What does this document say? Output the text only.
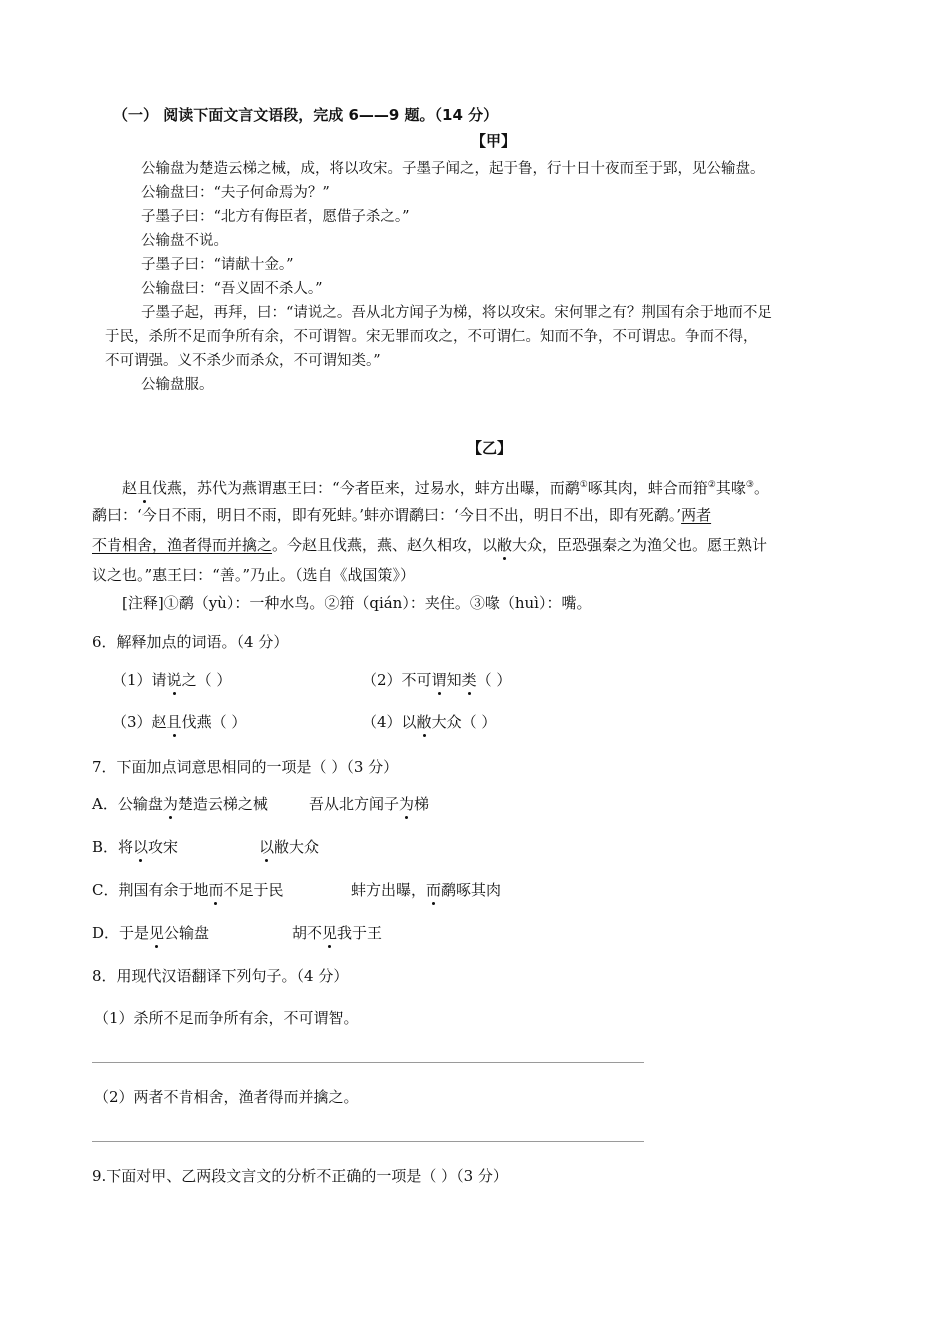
（一） 阅读下面文言文语段，完成 6——9 题。（14 分）
【甲】
公输盘为楚造云梯之械，成，将以攻宋。子墨子闻之，起于鲁，行十日十夜而至于郢，见公输盘。
公输盘曰：“夫子何命焉为？”
子墨子曰：“北方有侮臣者，愿借子杀之。”
公输盘不说。
子墨子曰：“请献十金。”
公输盘曰：“吾义固不杀人。”
子墨子起，再拜，曰：“请说之。吾从北方闻子为梯，将以攻宋。宋何罪之有？荆国有余于地而不足
于民，杀所不足而争所有余，不可谓智。宋无罪而攻之，不可谓仁。知而不争，不可谓忠。争而不得，
不可谓强。义不杀少而杀众，不可谓知类。”
公输盘服。
【乙】
赵且伐燕，苏代为燕谓惠王曰：“今者臣来，过易水，蚌方出曝，而鹬①啄其肉，蚌合而箝②其喙③。
鹬曰：‘今日不雨，明日不雨，即有死蚌。’蚌亦谓鹬曰：‘今日不出，明日不出，即有死鹬。’两者
不肯相舍，渔者得而并擒之。今赵且伐燕，燕、赵久相攻，以敝大众，臣恐强秦之为渔父也。愿王熟计
议之也。”惠王曰：“善。”乃止。（选自《战国策》）
[注释]①鹬（yù）：一种水鸟。②箝（qián）：夹住。③喙（huì）：嘴。
6．解释加点的词语。（4 分）
（1）请说之（ ）	（2）不可谓知类（ ）
（3）赵且伐燕（ ）	（4）以敝大众（ ）
7．下面加点词意思相同的一项是（ ）（3 分）
A．公输盘为楚造云梯之械	吾从北方闻子为梯
B．将以攻宋	以敝大众
C．荆国有余于地而不足于民	蚌方出曝，而鹬啄其肉
D．于是见公输盘	胡不见我于王
8．用现代汉语翻译下列句子。（4 分）
（1）杀所不足而争所有余，不可谓智。
（2）两者不肯相舍，渔者得而并擒之。
9.下面对甲、乙两段文言文的分析不正确的一项是（ ）（3 分）
